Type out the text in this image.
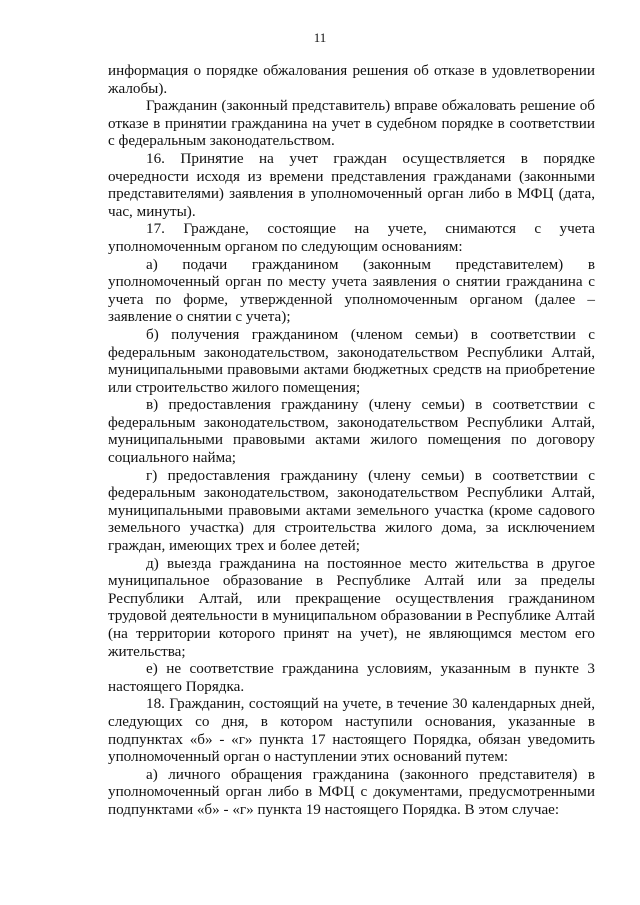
11

информация о порядке обжалования решения об отказе в удовлетворении жалобы).

Гражданин (законный представитель) вправе обжаловать решение об отказе в принятии гражданина на учет в судебном порядке в соответствии с федеральным законодательством.

16. Принятие на учет граждан осуществляется в порядке очередности исходя из времени представления гражданами (законными представителями) заявления в уполномоченный орган либо в МФЦ (дата, час, минуты).

17. Граждане, состоящие на учете, снимаются с учета уполномоченным органом по следующим основаниям:

а) подачи гражданином (законным представителем) в уполномоченный орган по месту учета заявления о снятии гражданина с учета по форме, утвержденной уполномоченным органом (далее – заявление о снятии с учета);

б) получения гражданином (членом семьи) в соответствии с федеральным законодательством, законодательством Республики Алтай, муниципальными правовыми актами бюджетных средств на приобретение или строительство жилого помещения;

в) предоставления гражданину (члену семьи) в соответствии с федеральным законодательством, законодательством Республики Алтай, муниципальными правовыми актами жилого помещения по договору социального найма;

г) предоставления гражданину (члену семьи) в соответствии с федеральным законодательством, законодательством Республики Алтай, муниципальными правовыми актами земельного участка (кроме садового земельного участка) для строительства жилого дома, за исключением граждан, имеющих трех и более детей;

д) выезда гражданина на постоянное место жительства в другое муниципальное образование в Республике Алтай или за пределы Республики Алтай, или прекращение осуществления гражданином трудовой деятельности в муниципальном образовании в Республике Алтай (на территории которого принят на учет), не являющимся местом его жительства;

е) не соответствие гражданина условиям, указанным в пункте 3 настоящего Порядка.

18. Гражданин, состоящий на учете, в течение 30 календарных дней, следующих со дня, в котором наступили основания, указанные в подпунктах «б» - «г» пункта 17 настоящего Порядка, обязан уведомить уполномоченный орган о наступлении этих оснований путем:

а) личного обращения гражданина (законного представителя) в уполномоченный орган либо в МФЦ с документами, предусмотренными подпунктами «б» - «г» пункта 19 настоящего Порядка. В этом случае:
